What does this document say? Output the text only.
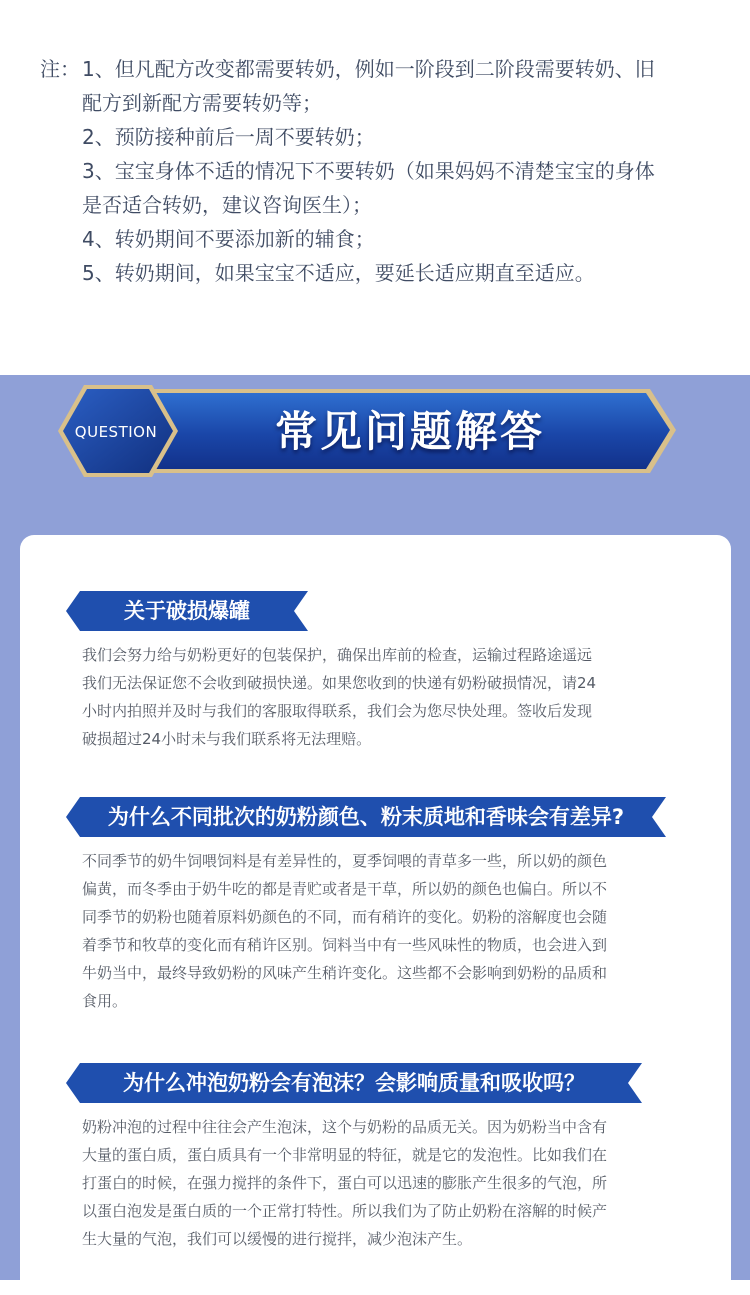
注： 1、但凡配方改变都需要转奶，例如一阶段到二阶段需要转奶、旧
配方到新配方需要转奶等；
2、预防接种前后一周不要转奶；
3、宝宝身体不适的情况下不要转奶（如果妈妈不清楚宝宝的身体
是否适合转奶，建议咨询医生）；
4、转奶期间不要添加新的辅食；
5、转奶期间，如果宝宝不适应，要延长适应期直至适应。
QUESTION	常见问题解答
关于破损爆罐

我们会努力给与奶粉更好的包装保护，确保出库前的检查，运输过程路途遥远

我们无法保证您不会收到破损快递。如果您收到的快递有奶粉破损情况，请24

小时内拍照并及时与我们的客服取得联系，我们会为您尽快处理。签收后发现

破损超过24小时未与我们联系将无法理赔。

为什么不同批次的奶粉颜色、粉末质地和香味会有差异?

不同季节的奶牛饲喂饲料是有差异性的，夏季饲喂的青草多一些，所以奶的颜色

偏黄，而冬季由于奶牛吃的都是青贮或者是干草，所以奶的颜色也偏白。所以不

同季节的奶粉也随着原料奶颜色的不同，而有稍许的变化。奶粉的溶解度也会随

着季节和牧草的变化而有稍许区别。饲料当中有一些风味性的物质，也会进入到

牛奶当中，最终导致奶粉的风味产生稍许变化。这些都不会影响到奶粉的品质和

食用。

为什么冲泡奶粉会有泡沫？会影响质量和吸收吗？

奶粉冲泡的过程中往往会产生泡沫，这个与奶粉的品质无关。因为奶粉当中含有

大量的蛋白质，蛋白质具有一个非常明显的特征，就是它的发泡性。比如我们在

打蛋白的时候，在强力搅拌的条件下，蛋白可以迅速的膨胀产生很多的气泡，所

以蛋白泡发是蛋白质的一个正常打特性。所以我们为了防止奶粉在溶解的时候产

生大量的气泡，我们可以缓慢的进行搅拌，减少泡沫产生。
